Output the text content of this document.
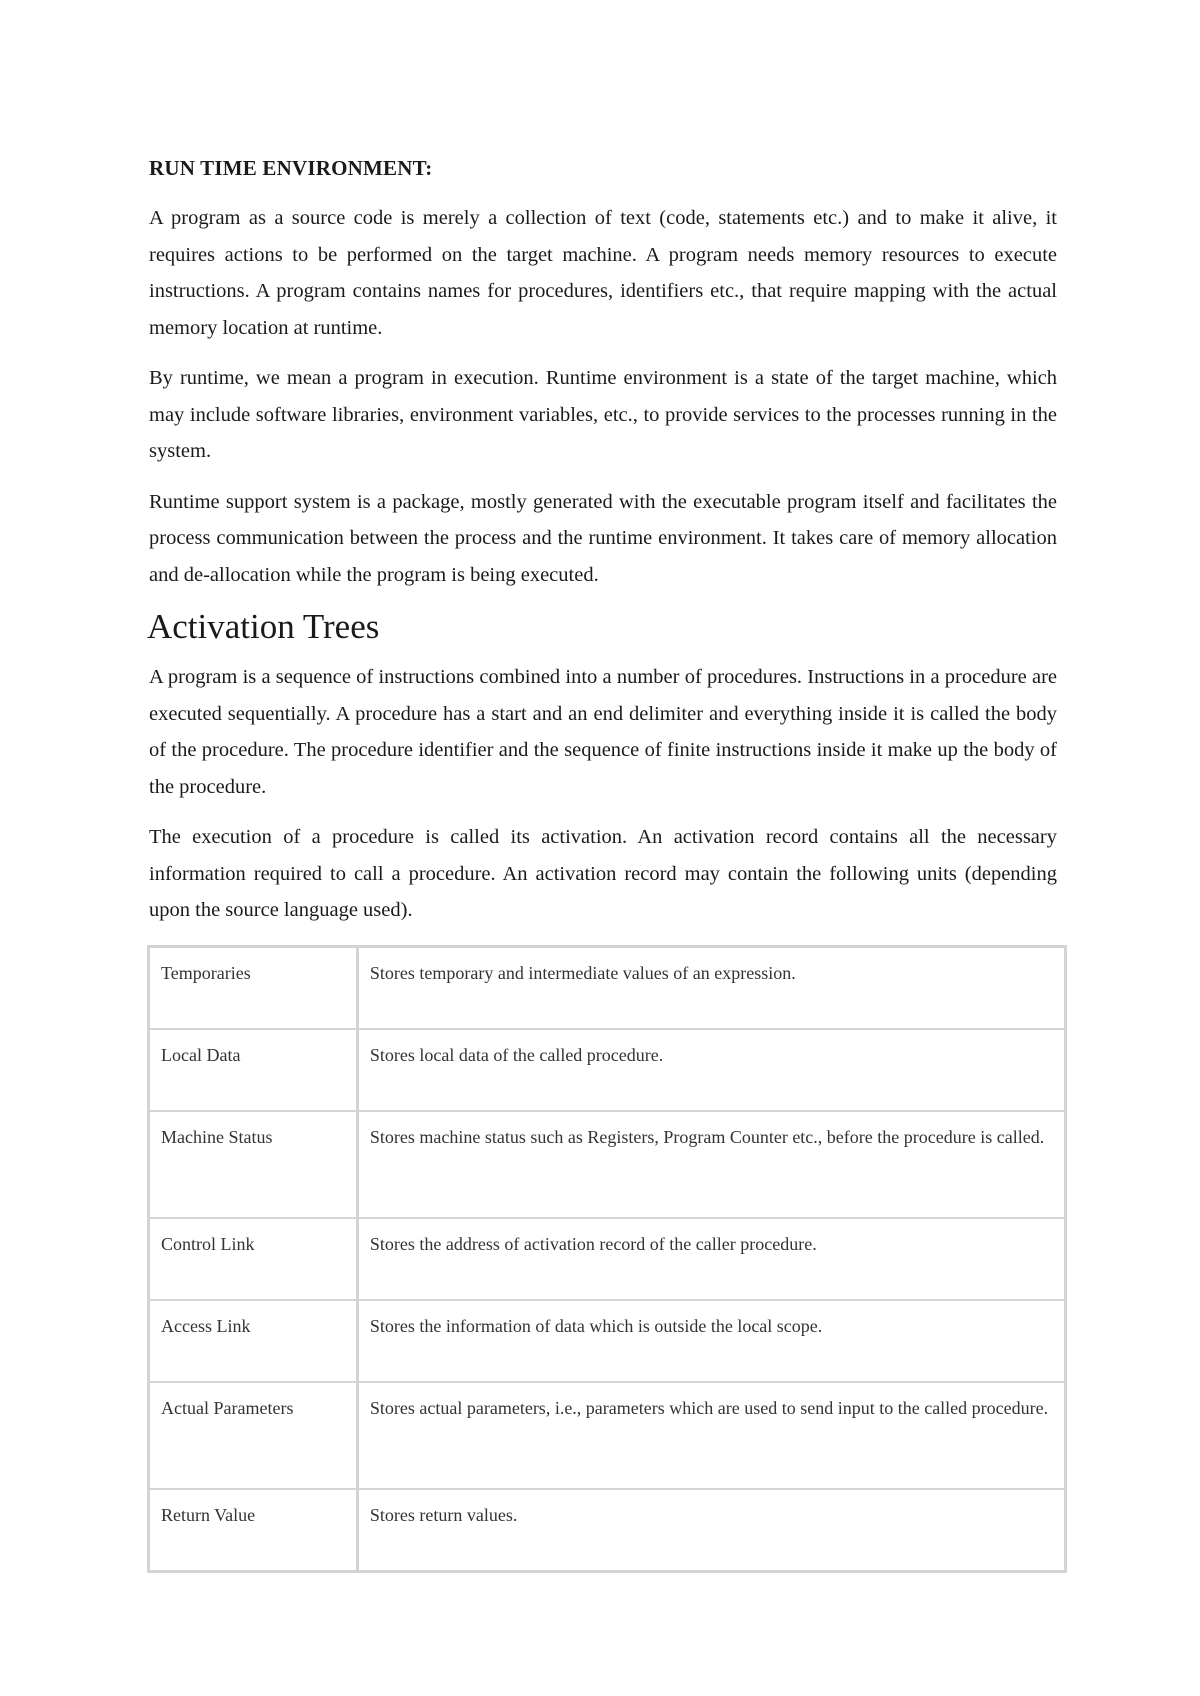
RUN TIME ENVIRONMENT:

A program as a source code is merely a collection of text (code, statements etc.) and to make it alive, it requires actions to be performed on the target machine. A program needs memory resources to execute instructions. A program contains names for procedures, identifiers etc., that require mapping with the actual memory location at runtime.

By runtime, we mean a program in execution. Runtime environment is a state of the target machine, which may include software libraries, environment variables, etc., to provide services to the processes running in the system.

Runtime support system is a package, mostly generated with the executable program itself and facilitates the process communication between the process and the runtime environment. It takes care of memory allocation and de-allocation while the program is being executed.

Activation Trees

A program is a sequence of instructions combined into a number of procedures. Instructions in a procedure are executed sequentially. A procedure has a start and an end delimiter and everything inside it is called the body of the procedure. The procedure identifier and the sequence of finite instructions inside it make up the body of the procedure.

The execution of a procedure is called its activation. An activation record contains all the necessary information required to call a procedure. An activation record may contain the following units (depending upon the source language used).

Temporaries	Stores temporary and intermediate values of an expression.
Local Data	Stores local data of the called procedure.
Machine Status	Stores machine status such as Registers, Program Counter etc., before the procedure is called.
Control Link	Stores the address of activation record of the caller procedure.
Access Link	Stores the information of data which is outside the local scope.
Actual Parameters	Stores actual parameters, i.e., parameters which are used to send input to the called procedure.
Return Value	Stores return values.
